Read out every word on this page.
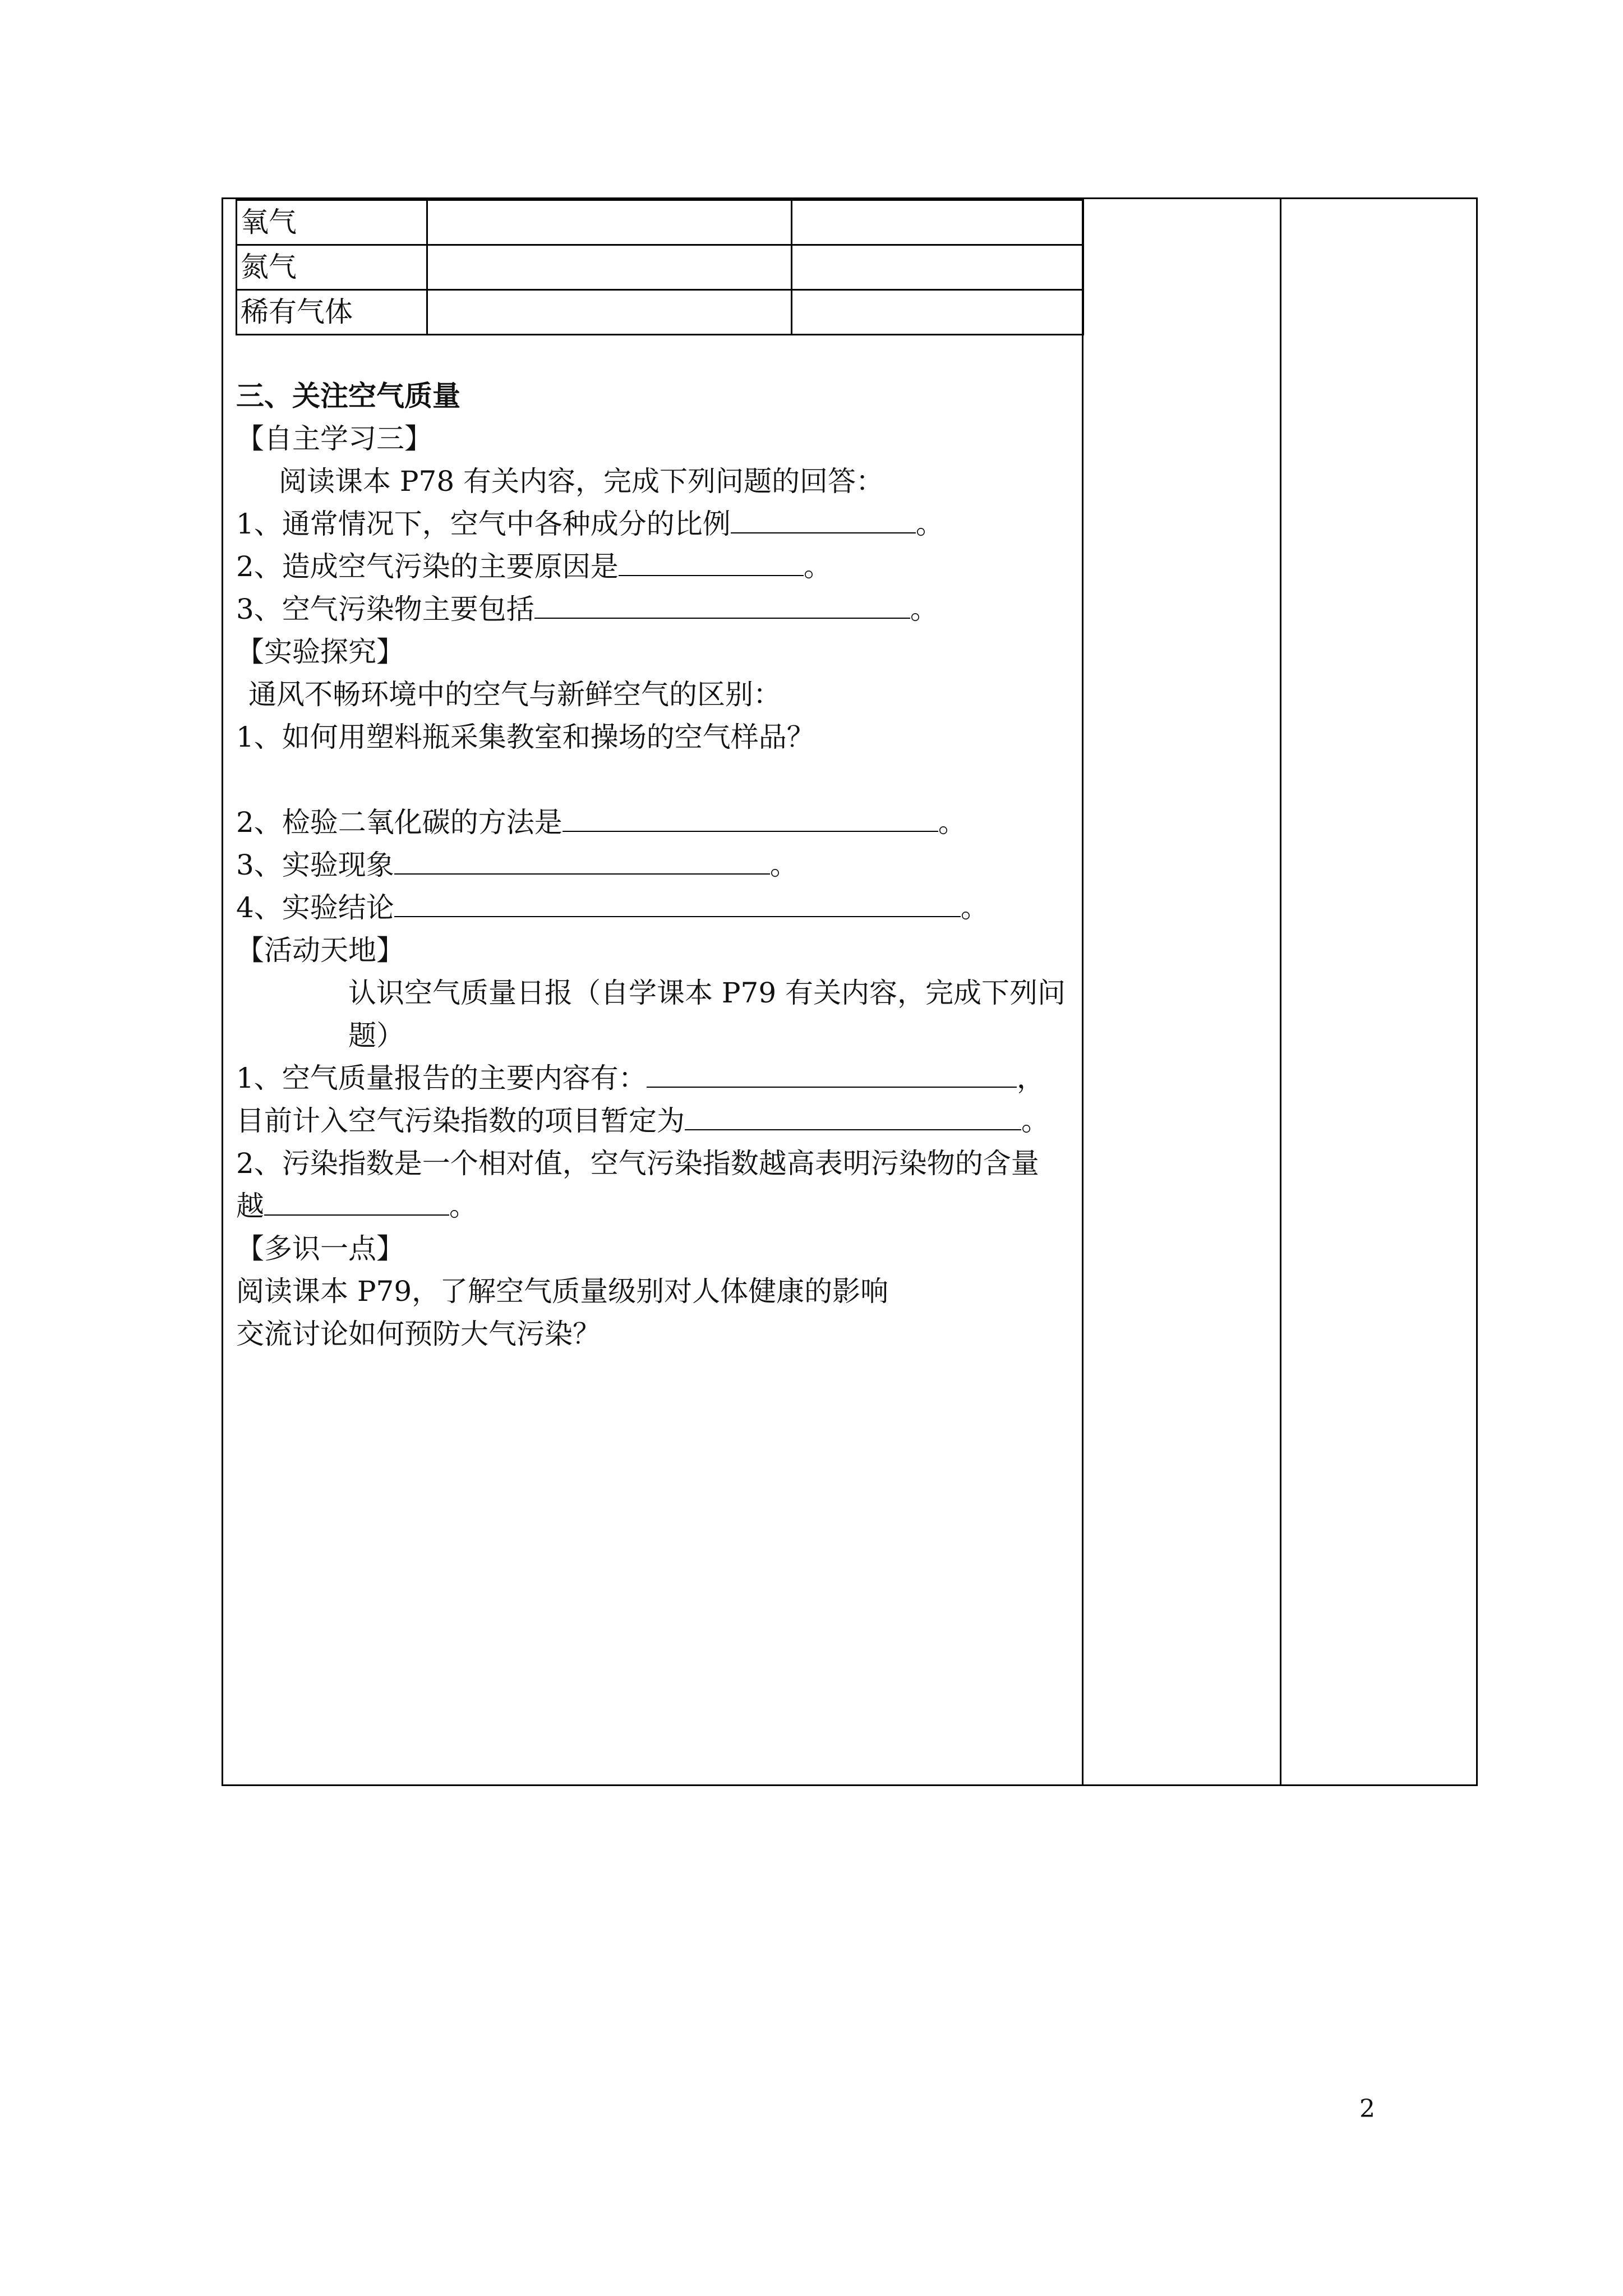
氧气		
氮气		
稀有气体		
三、关注空气质量
【自主学习三】
阅读课本 P78 有关内容，完成下列问题的回答：
1、通常情况下，空气中各种成分的比例	。
2、造成空气污染的主要原因是	。
3、空气污染物主要包括	。
【实验探究】
通风不畅环境中的空气与新鲜空气的区别：
1、如何用塑料瓶采集教室和操场的空气样品？
2、检验二氧化碳的方法是	。
3、实验现象	。
4、实验结论	。
【活动天地】
认识空气质量日报（自学课本 P79 有关内容，完成下列问题）
1、空气质量报告的主要内容有：	，
目前计入空气污染指数的项目暂定为	。
2、污染指数是一个相对值，空气污染指数越高表明污染物的含量
越	。
【多识一点】
阅读课本 P79，了解空气质量级别对人体健康的影响
交流讨论如何预防大气污染？
2
